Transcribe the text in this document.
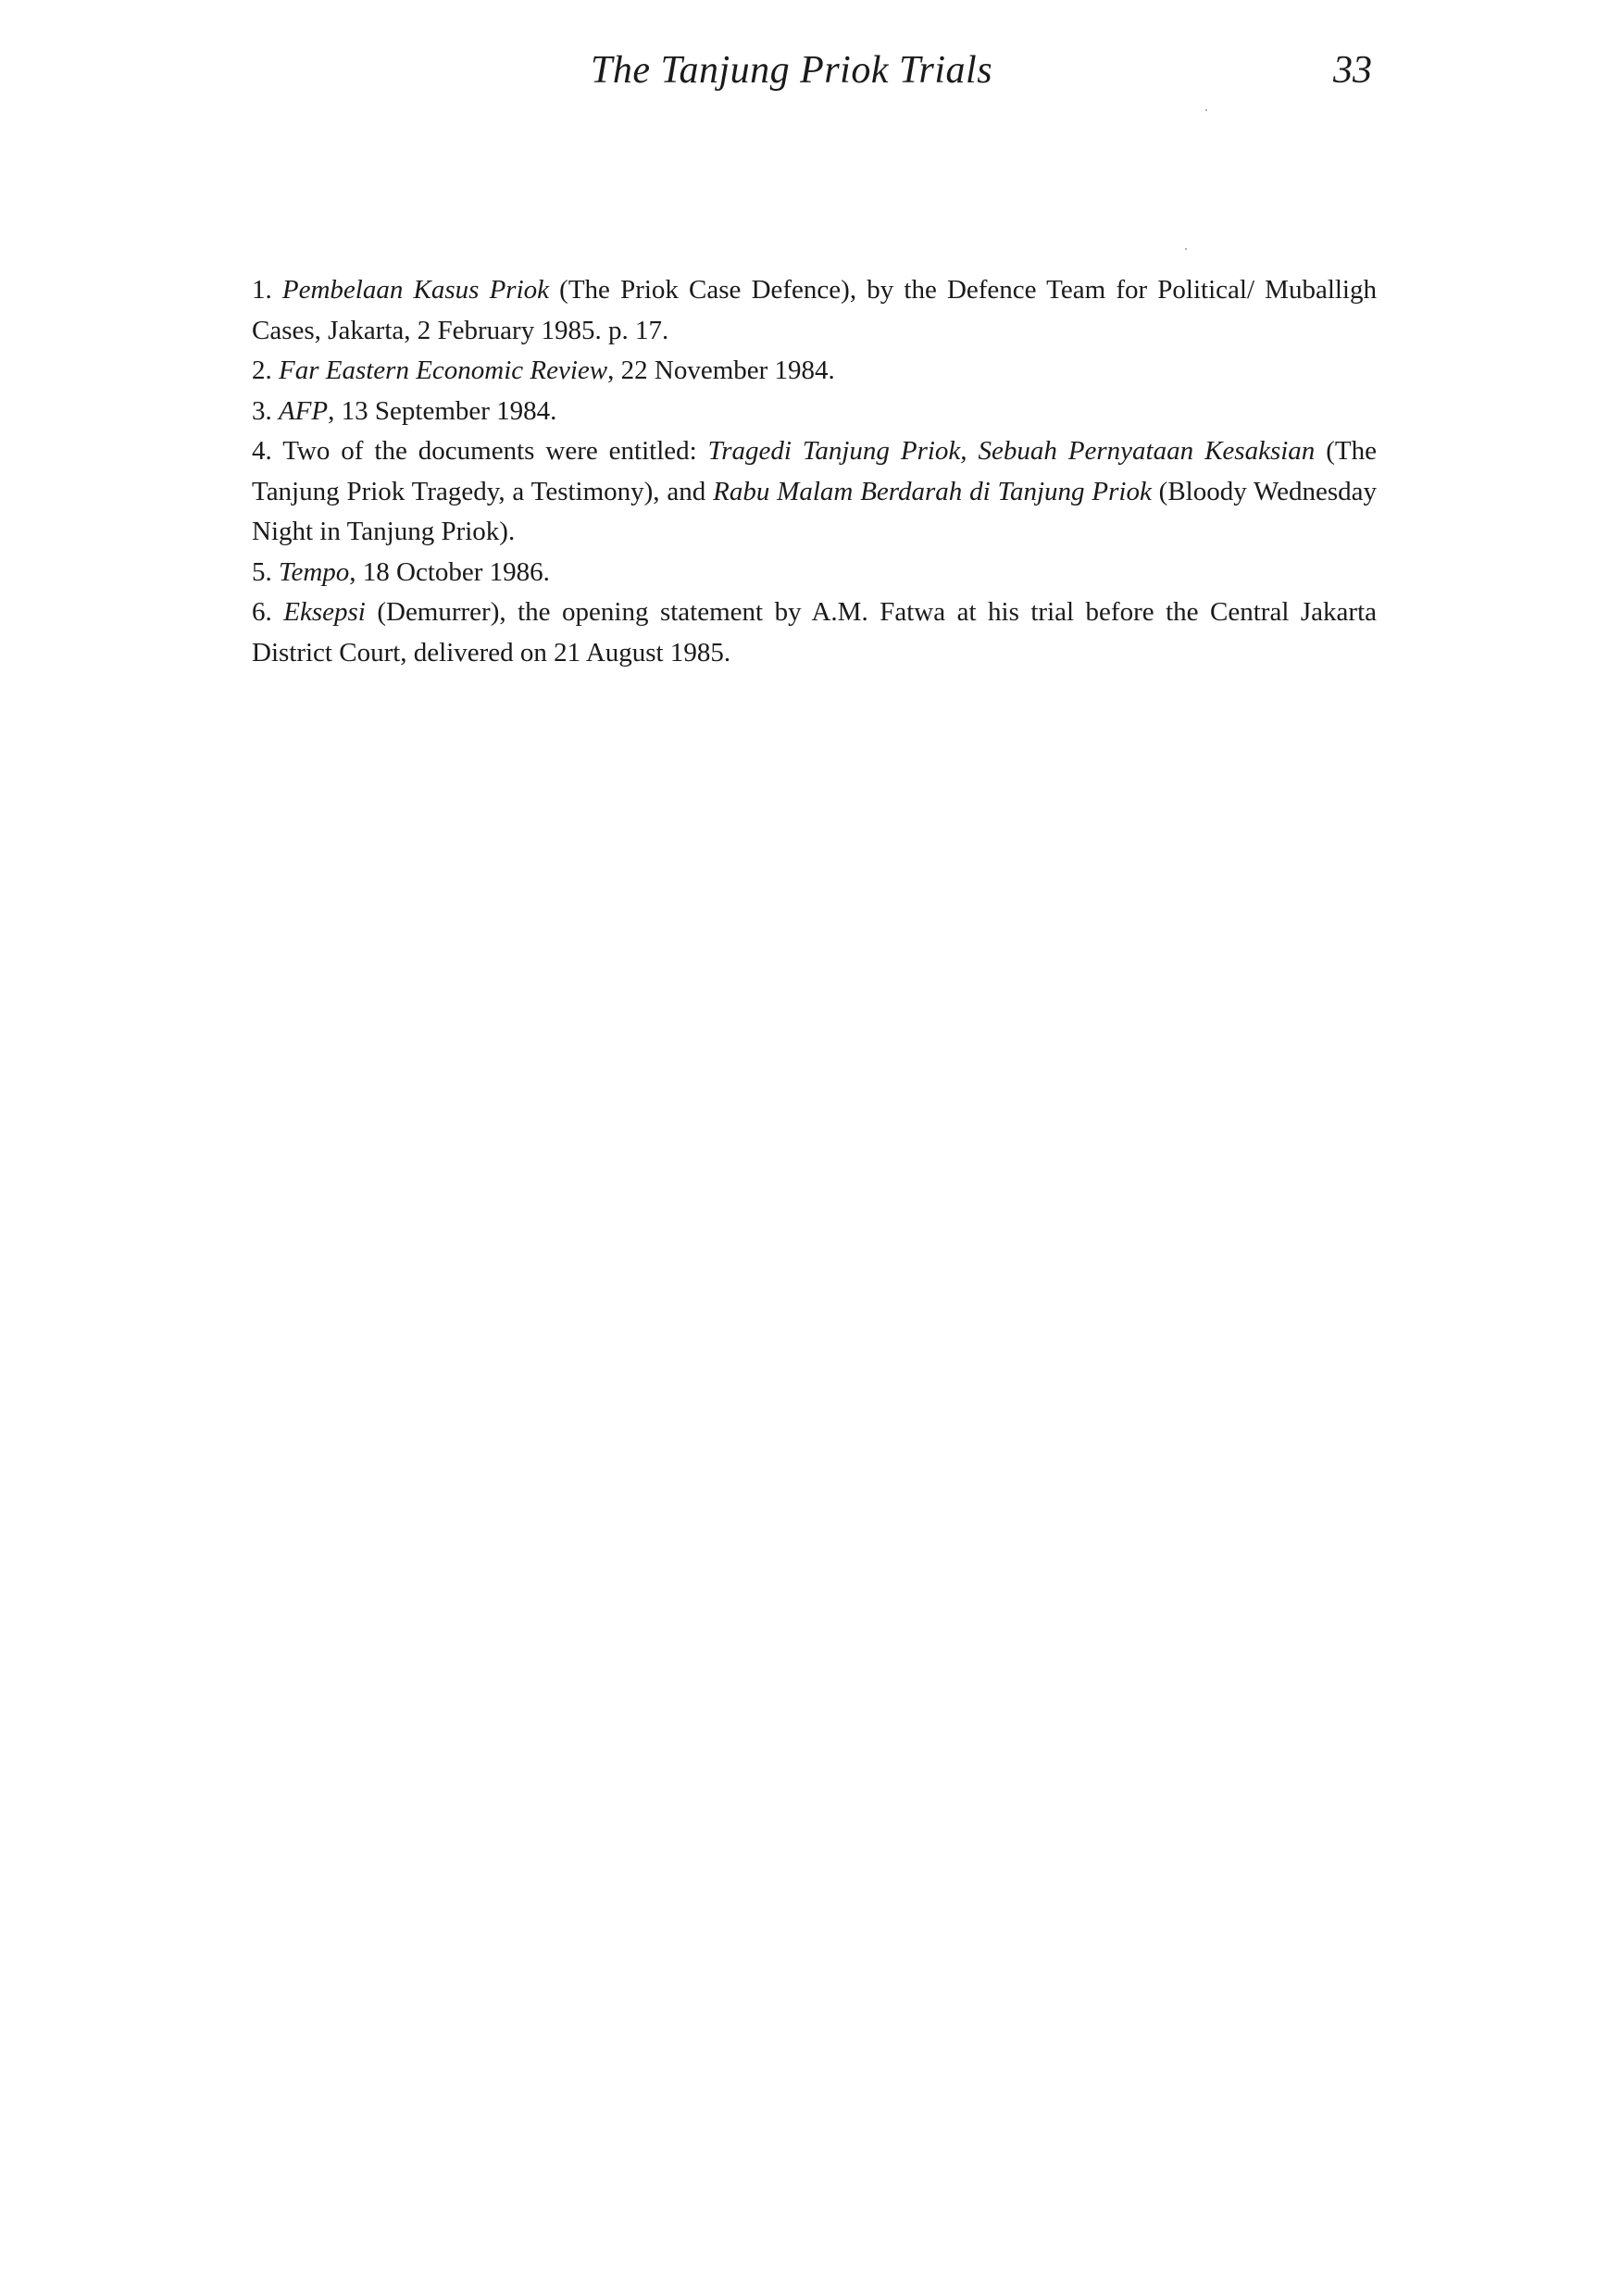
The Tanjung Priok Trials	33

1. Pembelaan Kasus Priok (The Priok Case Defence), by the Defence Team for Political/ Muballigh Cases, Jakarta, 2 February 1985. p. 17.

2. Far Eastern Economic Review, 22 November 1984.

3. AFP, 13 September 1984.

4. Two of the documents were entitled: Tragedi Tanjung Priok, Sebuah Pernyataan Kesaksian (The Tanjung Priok Tragedy, a Testimony), and Rabu Malam Berdarah di Tanjung Priok (Bloody Wednesday Night in Tanjung Priok).

5. Tempo, 18 October 1986.

6. Eksepsi (Demurrer), the opening statement by A.M. Fatwa at his trial before the Central Jakarta District Court, delivered on 21 August 1985.
